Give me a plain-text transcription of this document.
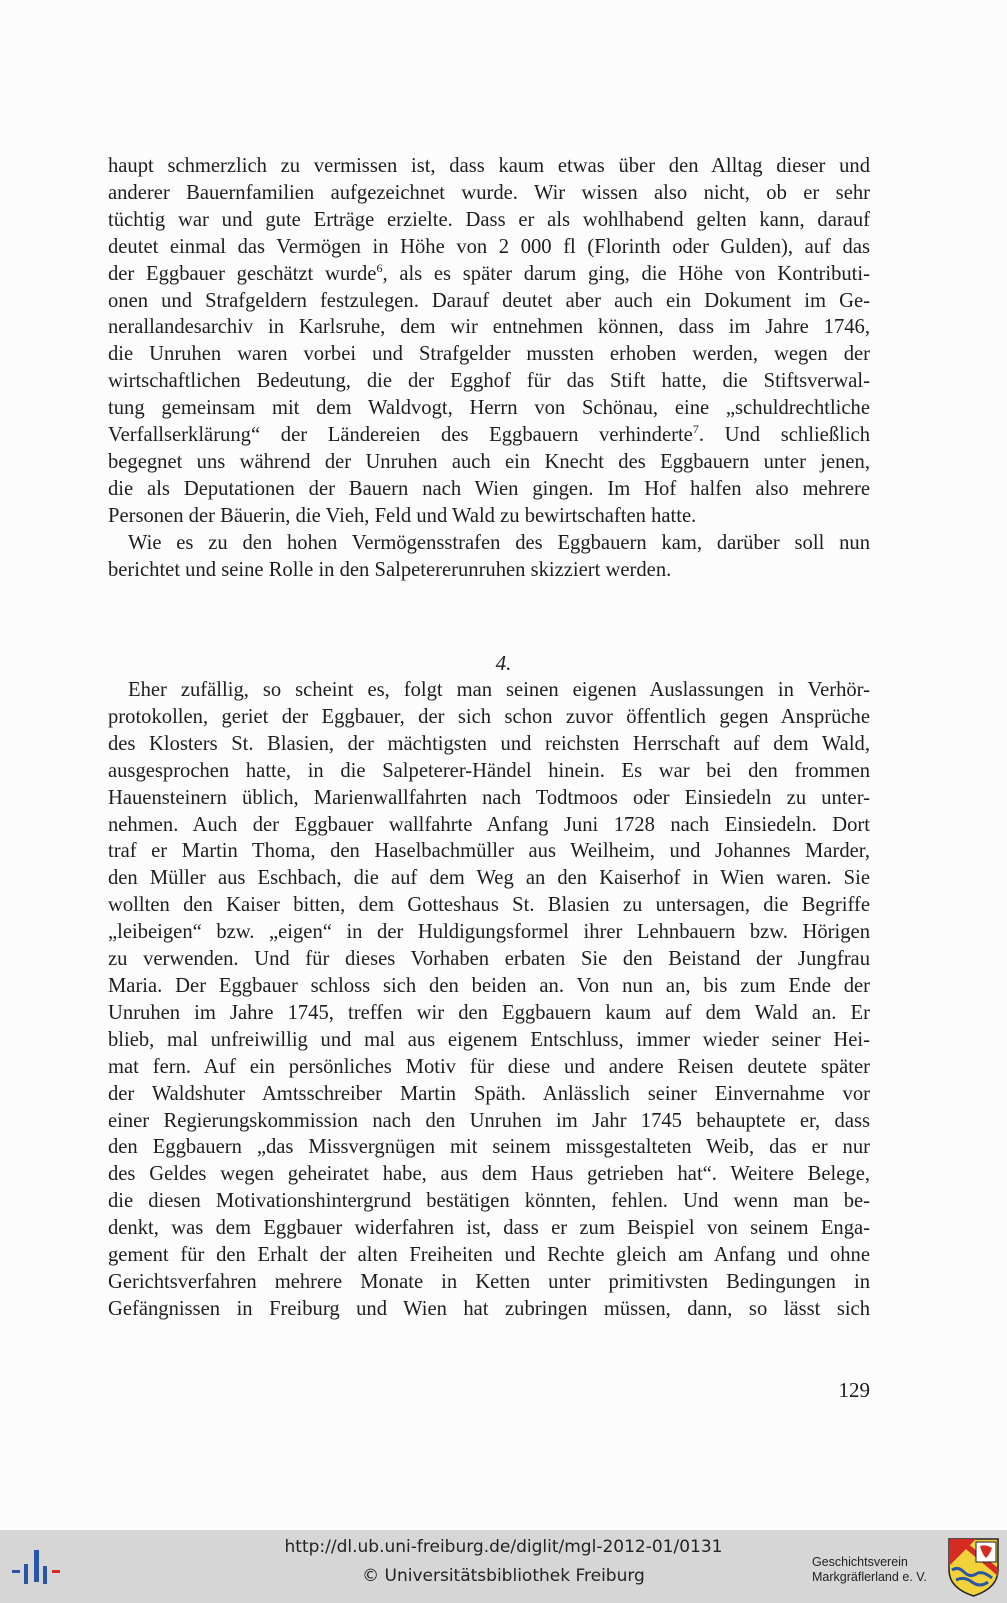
haupt schmerzlich zu vermissen ist, dass kaum etwas über den Alltag dieser und
anderer Bauernfamilien aufgezeichnet wurde. Wir wissen also nicht, ob er sehr
tüchtig war und gute Erträge erzielte. Dass er als wohlhabend gelten kann, darauf
deutet einmal das Vermögen in Höhe von 2 000 fl (Florinth oder Gulden), auf das
der Eggbauer geschätzt wurde$^6$, als es später darum ging, die Höhe von Kontributi-
onen und Strafgeldern festzulegen. Darauf deutet aber auch ein Dokument im Ge-
nerallandesarchiv in Karlsruhe, dem wir entnehmen können, dass im Jahre 1746,
die Unruhen waren vorbei und Strafgelder mussten erhoben werden, wegen der
wirtschaftlichen Bedeutung, die der Egghof für das Stift hatte, die Stiftsverwal-
tung gemeinsam mit dem Waldvogt, Herrn von Schönau, eine „schuldrechtliche
Verfallserklärung“ der Ländereien des Eggbauern verhinderte$^7$. Und schließlich
begegnet uns während der Unruhen auch ein Knecht des Eggbauern unter jenen,
die als Deputationen der Bauern nach Wien gingen. Im Hof halfen also mehrere
Personen der Bäuerin, die Vieh, Feld und Wald zu bewirtschaften hatte.
Wie es zu den hohen Vermögensstrafen des Eggbauern kam, darüber soll nun
berichtet und seine Rolle in den Salpetererunruhen skizziert werden.
4.
Eher zufällig, so scheint es, folgt man seinen eigenen Auslassungen in Verhör-
protokollen, geriet der Eggbauer, der sich schon zuvor öffentlich gegen Ansprüche
des Klosters St. Blasien, der mächtigsten und reichsten Herrschaft auf dem Wald,
ausgesprochen hatte, in die Salpeterer-Händel hinein. Es war bei den frommen
Hauensteinern üblich, Marienwallfahrten nach Todtmoos oder Einsiedeln zu unter-
nehmen. Auch der Eggbauer wallfahrte Anfang Juni 1728 nach Einsiedeln. Dort
traf er Martin Thoma, den Haselbachmüller aus Weilheim, und Johannes Marder,
den Müller aus Eschbach, die auf dem Weg an den Kaiserhof in Wien waren. Sie
wollten den Kaiser bitten, dem Gotteshaus St. Blasien zu untersagen, die Begriffe
„leibeigen“ bzw. „eigen“ in der Huldigungsformel ihrer Lehnbauern bzw. Hörigen
zu verwenden. Und für dieses Vorhaben erbaten Sie den Beistand der Jungfrau
Maria. Der Eggbauer schloss sich den beiden an. Von nun an, bis zum Ende der
Unruhen im Jahre 1745, treffen wir den Eggbauern kaum auf dem Wald an. Er
blieb, mal unfreiwillig und mal aus eigenem Entschluss, immer wieder seiner Hei-
mat fern. Auf ein persönliches Motiv für diese und andere Reisen deutete später
der Waldshuter Amtsschreiber Martin Späth. Anlässlich seiner Einvernahme vor
einer Regierungskommission nach den Unruhen im Jahr 1745 behauptete er, dass
den Eggbauern „das Missvergnügen mit seinem missgestalteten Weib, das er nur
des Geldes wegen geheiratet habe, aus dem Haus getrieben hat“. Weitere Belege,
die diesen Motivationshintergrund bestätigen könnten, fehlen. Und wenn man be-
denkt, was dem Eggbauer widerfahren ist, dass er zum Beispiel von seinem Enga-
gement für den Erhalt der alten Freiheiten und Rechte gleich am Anfang und ohne
Gerichtsverfahren mehrere Monate in Ketten unter primitivsten Bedingungen in
Gefängnissen in Freiburg und Wien hat zubringen müssen, dann, so lässt sich
129
http://dl.ub.uni-freiburg.de/diglit/mgl-2012-01/0131
© Universitätsbibliothek Freiburg
Geschichtsverein
Markgräflerland e. V.
